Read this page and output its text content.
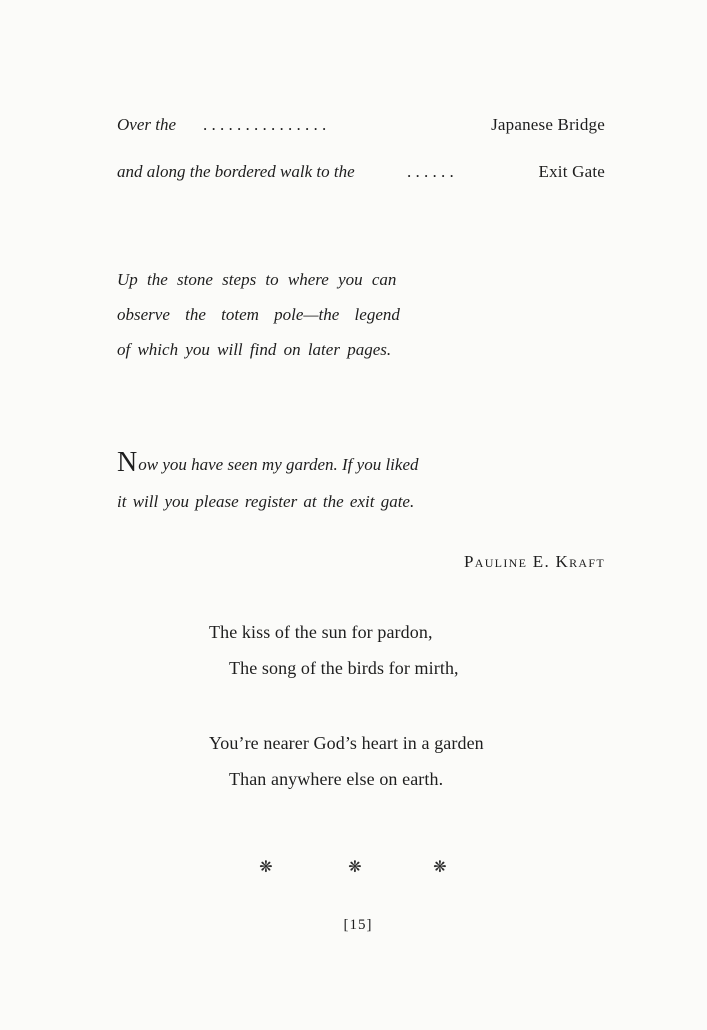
Over the . . . . . . . . . . . . . . .	Japanese Bridge
and along the bordered walk to the	. . . . . .	Exit Gate
Up the stone steps to where you can
observe the totem pole—the legend
of which you will find on later pages.
Now you have seen my garden. If you liked
it will you please register at the exit gate.
Pauline E. Kraft
The kiss of the sun for pardon,
The song of the birds for mirth,
You’re nearer God’s heart in a garden
Than anywhere else on earth.
❋	❋	❋
[15]
